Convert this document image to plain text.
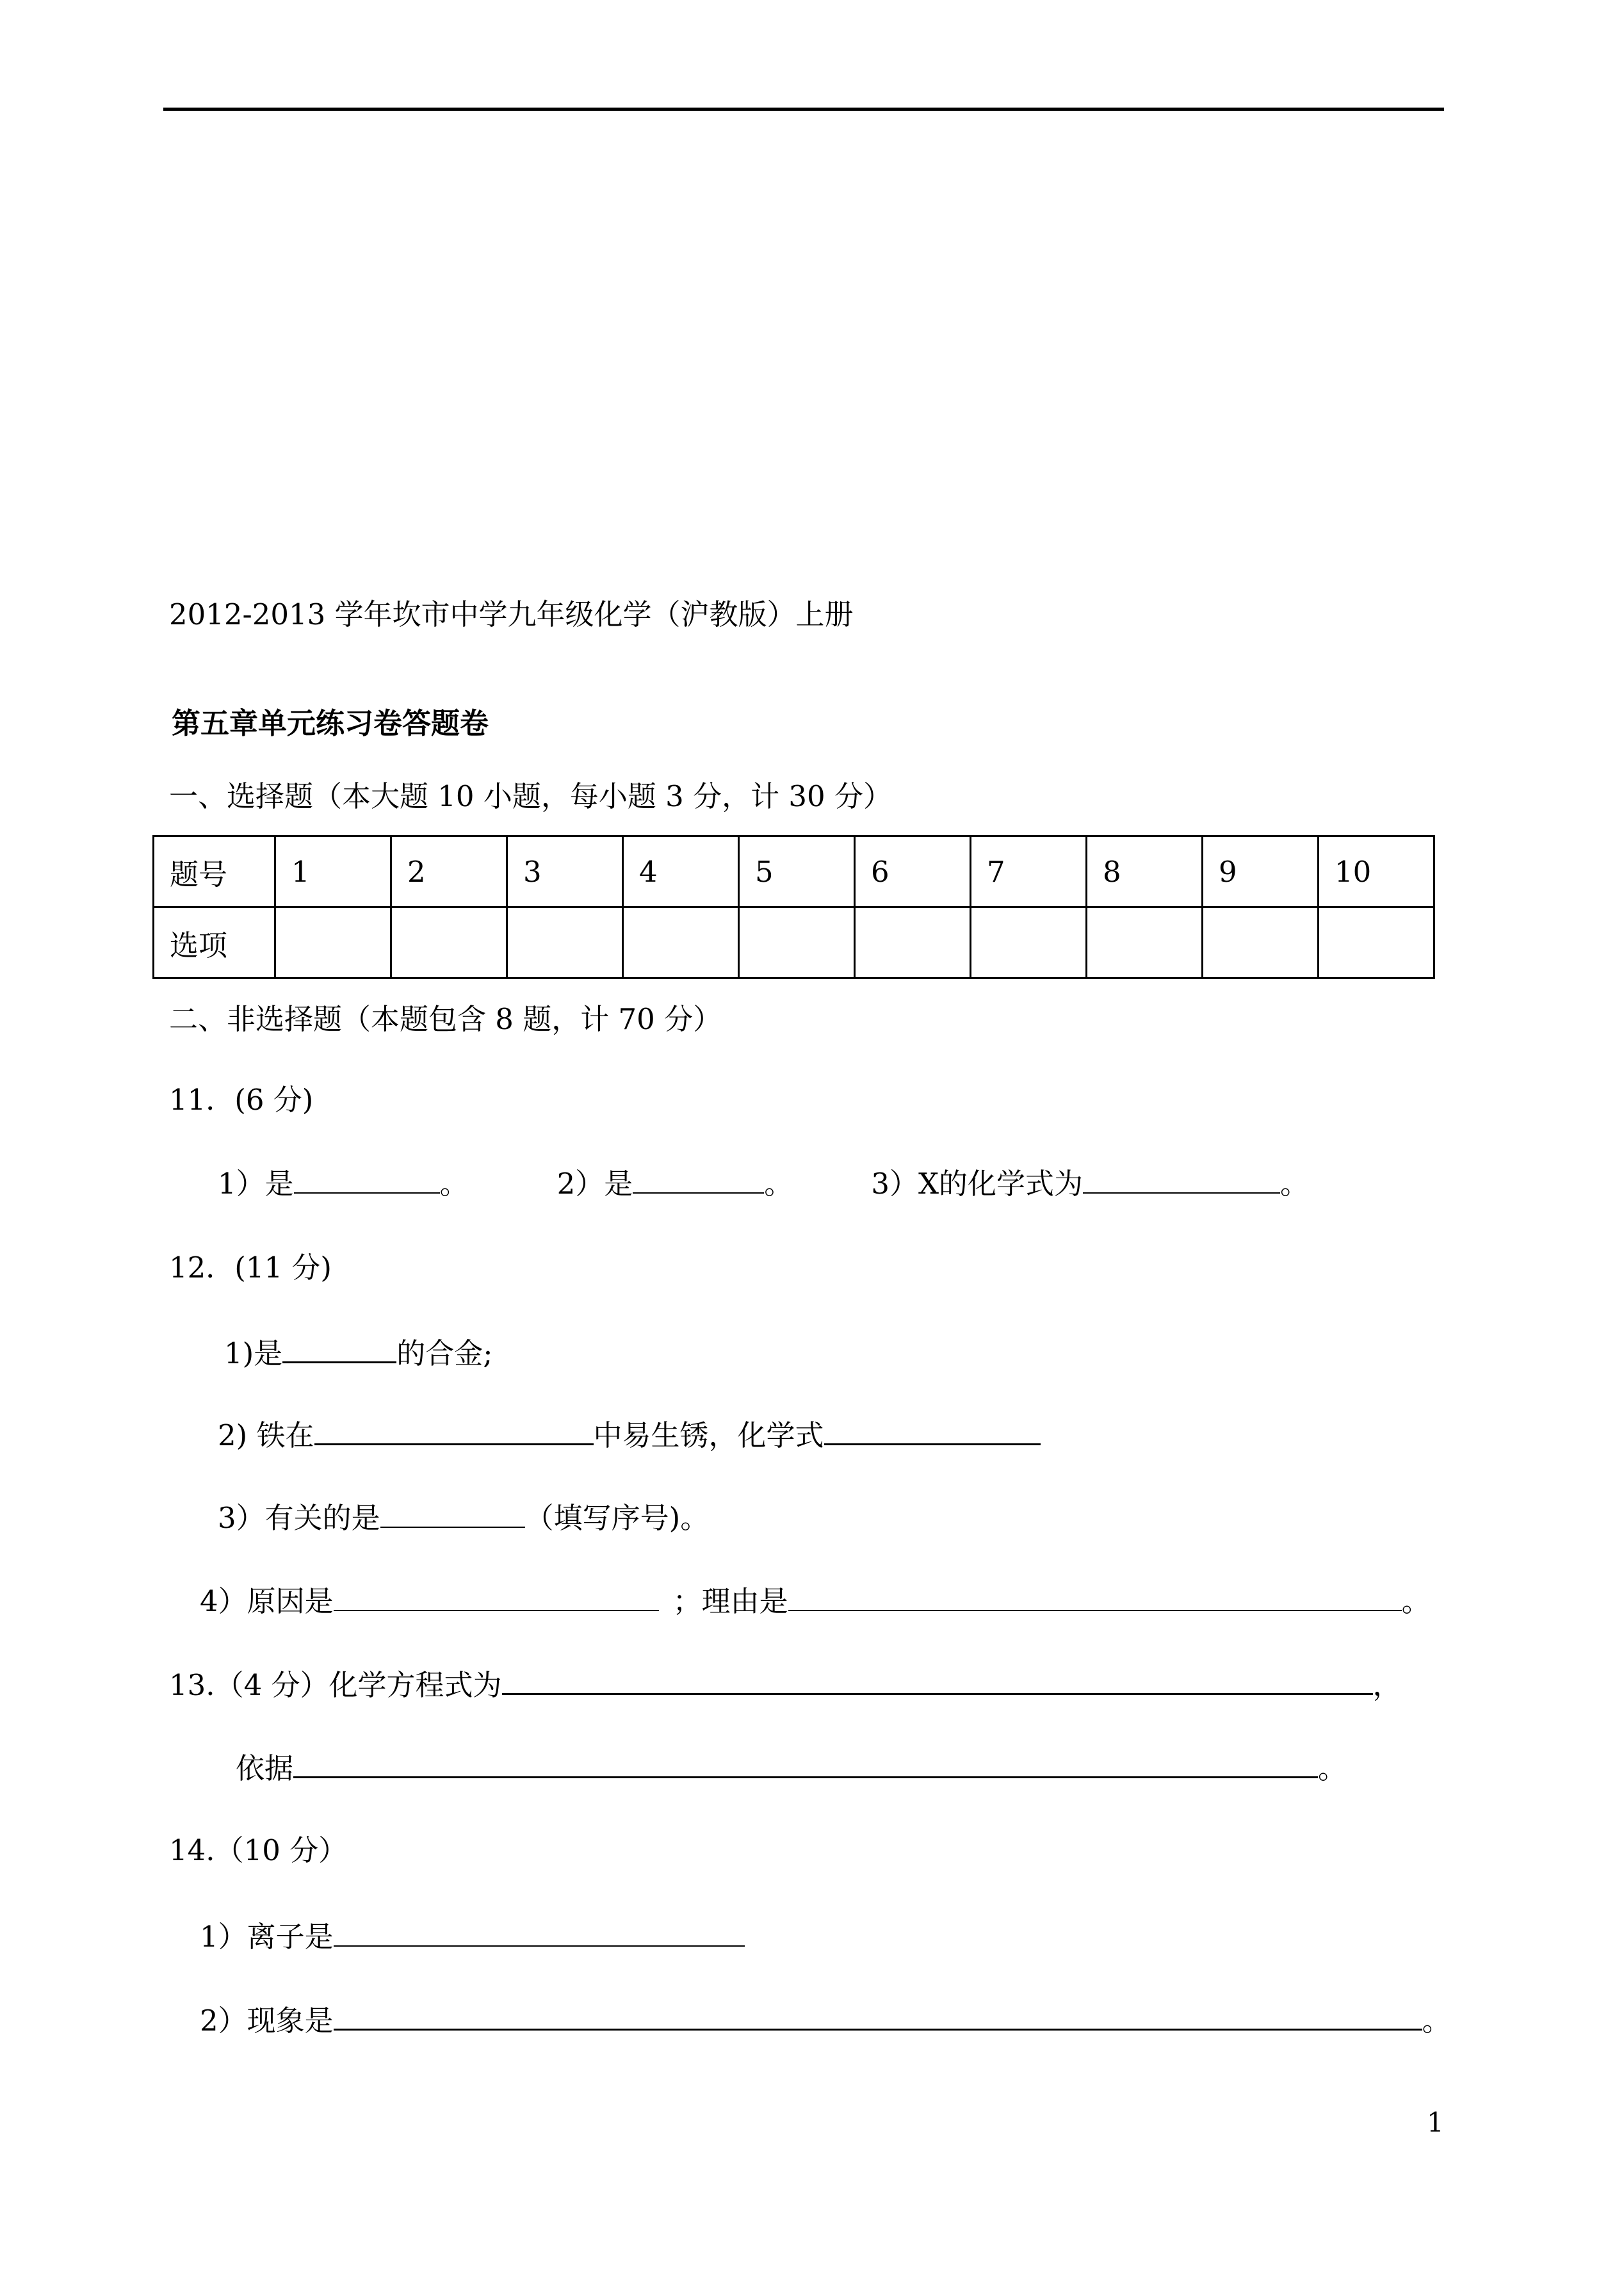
2012-2013 学年坎市中学九年级化学（沪教版）上册
第五章单元练习卷答题卷
一、选择题（本大题 10 小题，每小题 3 分，计 30 分）
题号	1	2	3	4	5	6	7	8	9	10
选项										
二、非选择题（本题包含 8 题，计 70 分）
11．(6 分)
1）是	。	2）是	。	3）X的化学式为	。
12．(11 分)
1)是	的合金;
2) 铁在	中易生锈，化学式
3）有关的是	（填写序号)。
4）原因是	；理由是	。
13.（4 分）化学方程式为	，
依据	。
14.（10 分）
1）离子是
2）现象是	。
1
